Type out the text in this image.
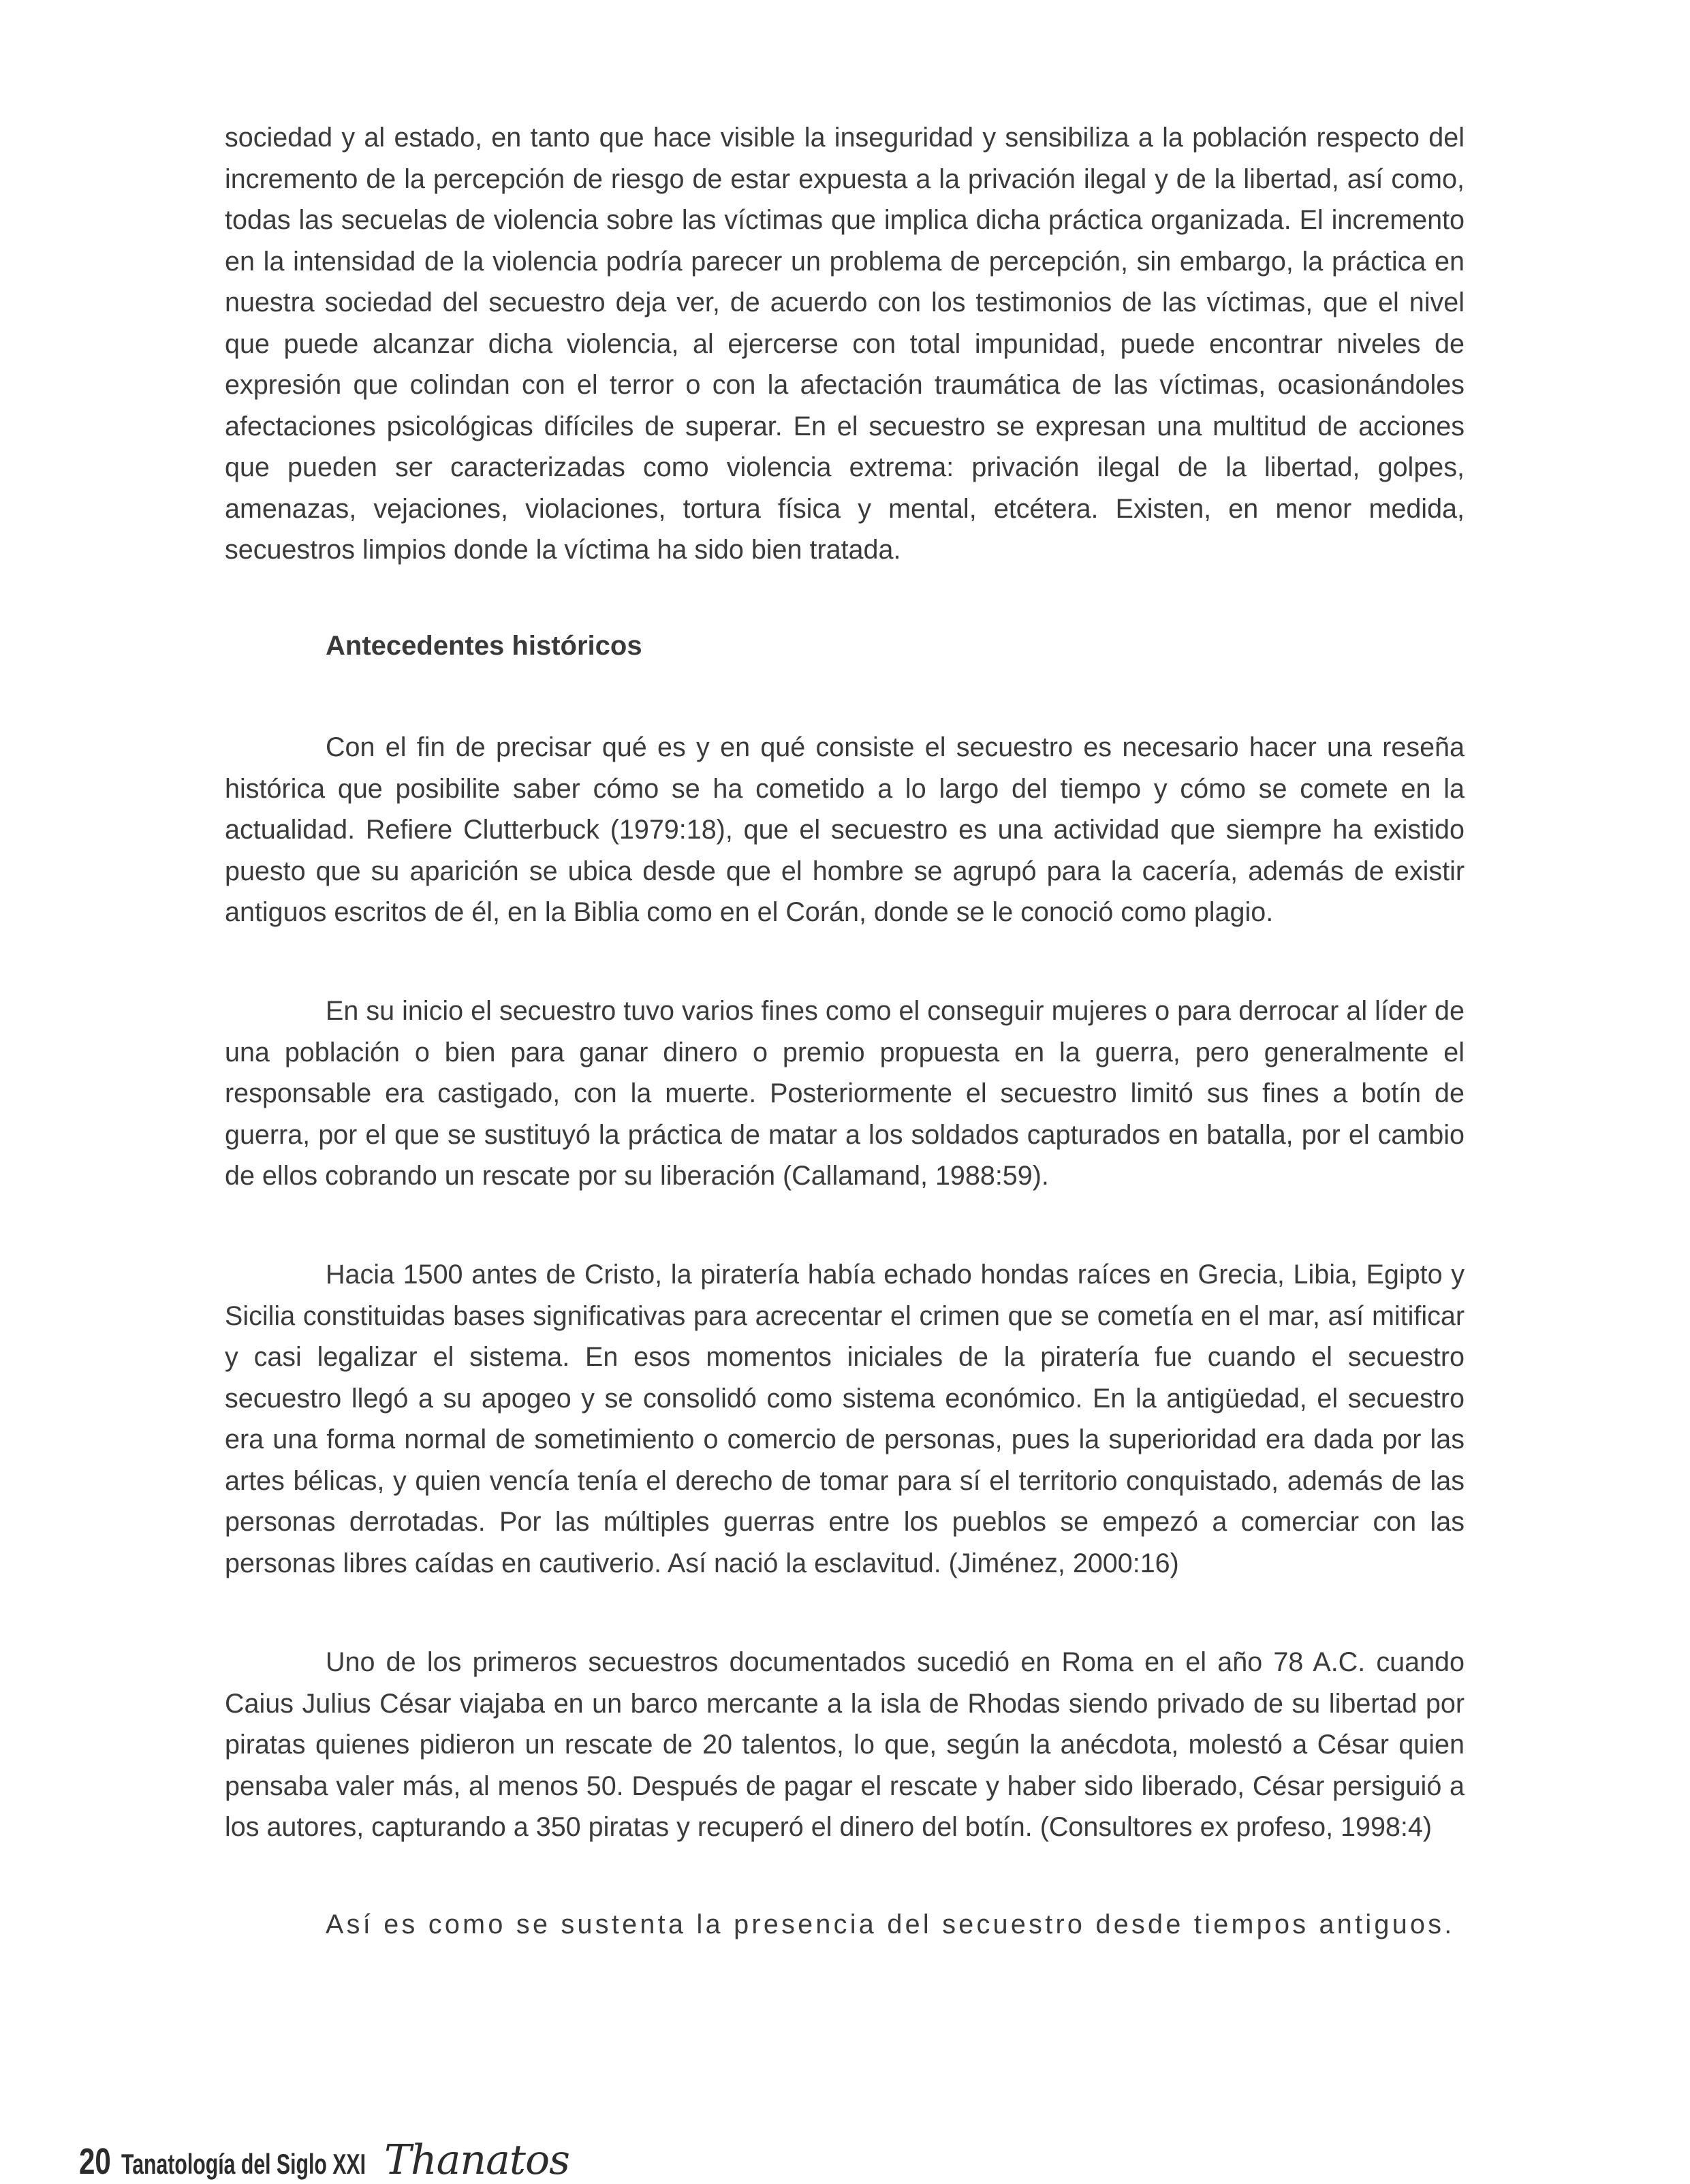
sociedad y al estado, en tanto que hace visible la inseguridad y sensibiliza a la población respecto del incremento de la percepción de riesgo de estar expuesta a la privación ilegal y de la libertad, así como, todas las secuelas de violencia sobre las víctimas que implica dicha práctica organizada. El incremento en la intensidad de la violencia podría parecer un problema de percepción, sin embargo, la práctica en nuestra sociedad del secuestro deja ver, de acuerdo con los testimonios de las víctimas, que el nivel que puede alcanzar dicha violencia, al ejercerse con total impunidad, puede encontrar niveles de expresión que colindan con el terror o con la afectación traumática de las víctimas, ocasionándoles afectaciones psicológicas difíciles de superar. En el secuestro se expresan una multitud de acciones que pueden ser caracterizadas como violencia extrema: privación ilegal de la libertad, golpes, amenazas, vejaciones, violaciones, tortura física y mental, etcétera. Existen, en menor medida, secuestros limpios donde la víctima ha sido bien tratada.

Antecedentes históricos

Con el fin de precisar qué es y en qué consiste el secuestro es necesario hacer una reseña histórica que posibilite saber cómo se ha cometido a lo largo del tiempo y cómo se comete en la actualidad. Refiere Clutterbuck (1979:18), que el secuestro es una actividad que siempre ha existido puesto que su aparición se ubica desde que el hombre se agrupó para la cacería, además de existir antiguos escritos de él, en la Biblia como en el Corán, donde se le conoció como plagio.

En su inicio el secuestro tuvo varios fines como el conseguir mujeres o para derrocar al líder de una población o bien para ganar dinero o premio propuesta en la guerra, pero generalmente el responsable era castigado, con la muerte. Posteriormente el secuestro limitó sus fines a botín de guerra, por el que se sustituyó la práctica de matar a los soldados capturados en batalla, por el cambio de ellos cobrando un rescate por su liberación (Callamand, 1988:59).

Hacia 1500 antes de Cristo, la piratería había echado hondas raíces en Grecia, Libia, Egipto y Sicilia constituidas bases significativas para acrecentar el crimen que se cometía en el mar, así mitificar y casi legalizar el sistema. En esos momentos iniciales de la piratería fue cuando el secuestro secuestro llegó a su apogeo y se consolidó como sistema económico. En la antigüedad, el secuestro era una forma normal de sometimiento o comercio de personas, pues la superioridad era dada por las artes bélicas, y quien vencía tenía el derecho de tomar para sí el territorio conquistado, además de las personas derrotadas. Por las múltiples guerras entre los pueblos se empezó a comerciar con las personas libres caídas en cautiverio. Así nació la esclavitud. (Jiménez, 2000:16)

Uno de los primeros secuestros documentados sucedió en Roma en el año 78 A.C. cuando Caius Julius César viajaba en un barco mercante a la isla de Rhodas siendo privado de su libertad por piratas quienes pidieron un rescate de 20 talentos, lo que, según la anécdota, molestó a César quien pensaba valer más, al menos 50. Después de pagar el rescate y haber sido liberado, César persiguió a los autores, capturando a 350 piratas y recuperó el dinero del botín. (Consultores ex profeso, 1998:4)

Así es como se sustenta la presencia del secuestro desde tiempos antiguos.

20 Tanatología del Siglo XXI Thanatos
